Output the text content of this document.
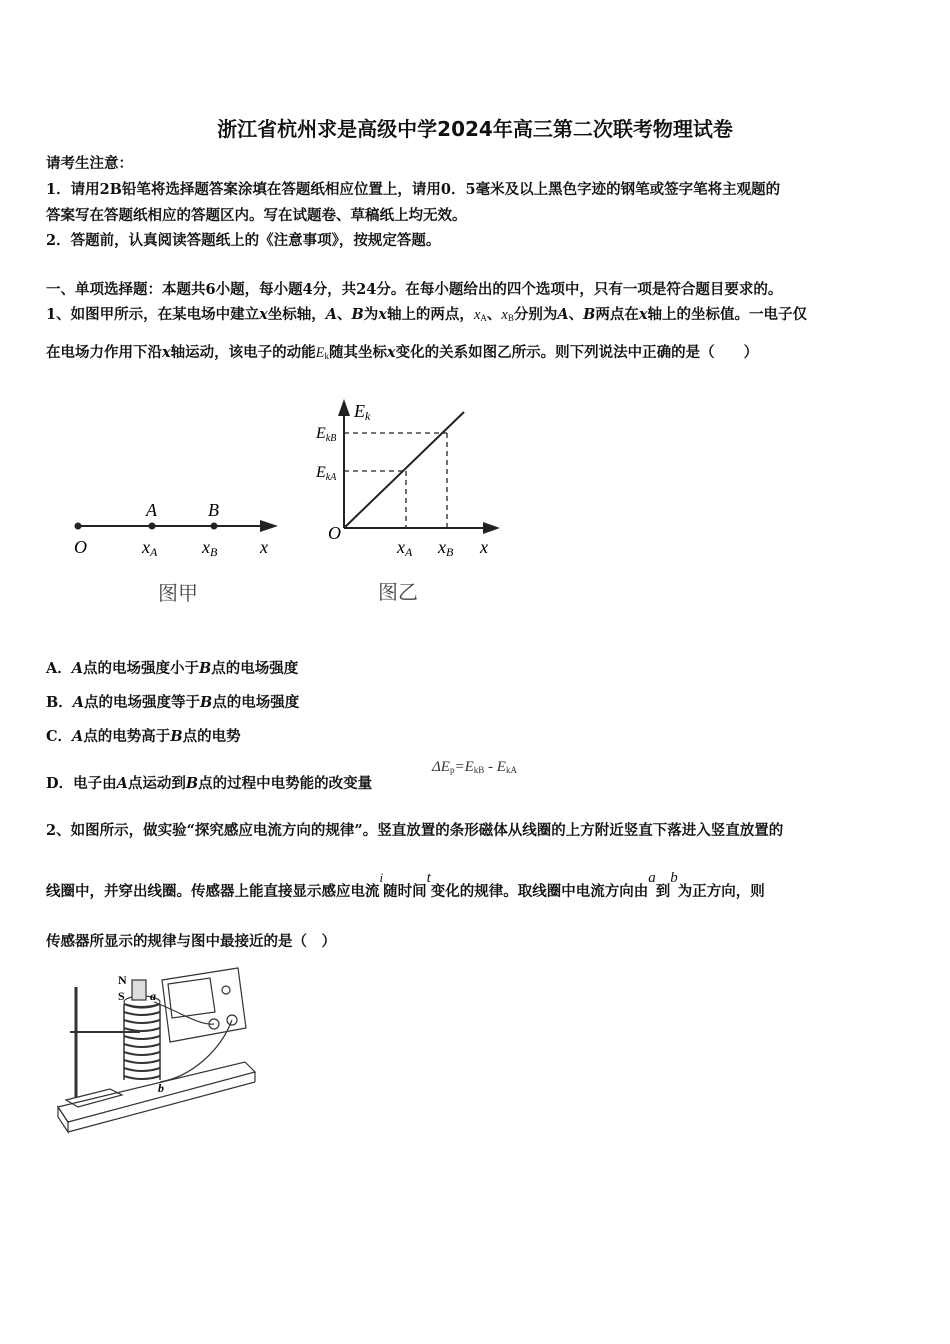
浙江省杭州求是高级中学2024年高三第二次联考物理试卷
请考生注意：
1．请用2B铅笔将选择题答案涂填在答题纸相应位置上，请用0．5毫米及以上黑色字迹的钢笔或签字笔将主观题的
答案写在答题纸相应的答题区内。写在试题卷、草稿纸上均无效。
2．答题前，认真阅读答题纸上的《注意事项》，按规定答题。
一、单项选择题：本题共6小题，每小题4分，共24分。在每小题给出的四个选项中，只有一项是符合题目要求的。
1、如图甲所示，在某电场中建立x坐标轴，A、B为x轴上的两点，$x_A$、$x_B$分别为A、B两点在x轴上的坐标值。一电子仅
在电场力作用下沿x轴运动，该电子的动能$E_k$随其坐标x变化的关系如图乙所示。则下列说法中正确的是（　　）
A	B
O	xA xB x
图甲
Ek
EkB
EkA
O
xA xB x
图乙
A．A点的电场强度小于B点的电场强度
B．A点的电场强度等于B点的电场强度
C．A点的电势高于B点的电势
D．电子由A点运动到B点的过程中电势能的改变量
$\Delta E_p=E_{kB} - E_{kA}$
2、如图所示，做实验“探究感应电流方向的规律”。竖直放置的条形磁体从线圈的上方附近竖直下落进入竖直放置的
线圈中，并穿出线圈。传感器上能直接显示感应电流i随时间t变化的规律。取线圈中电流方向由a到b为正方向，则
传感器所显示的规律与图中最接近的是（　）
N
S a
b
